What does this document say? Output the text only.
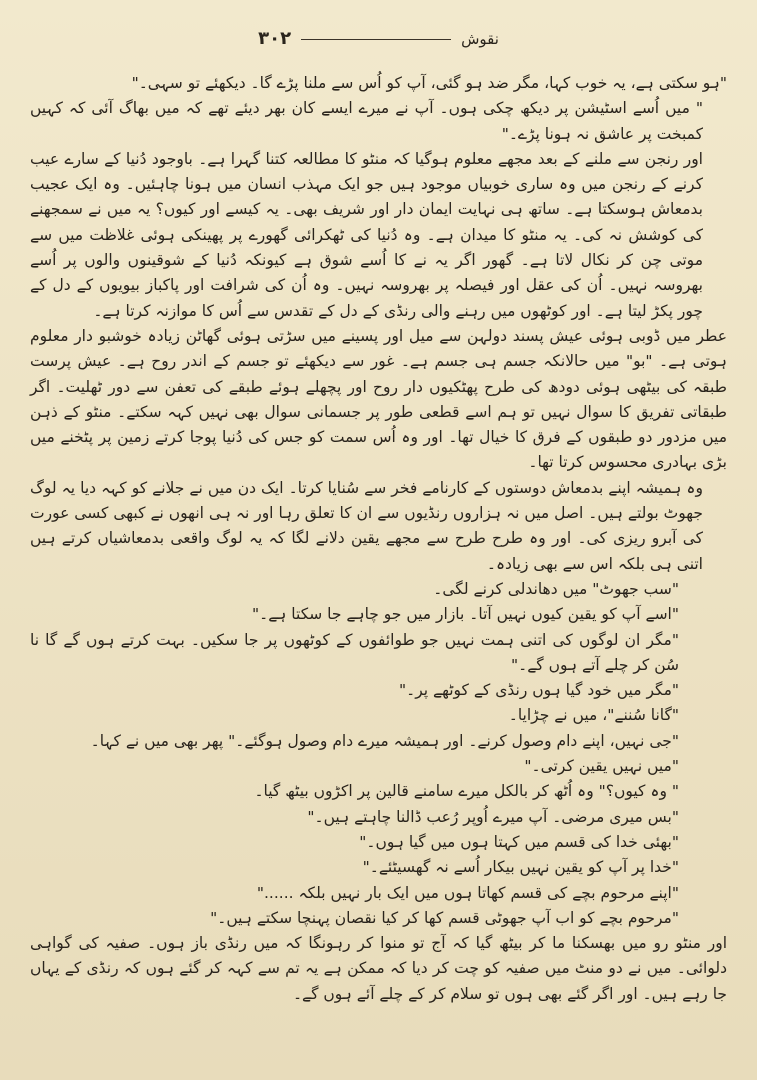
نقوش
۳۰۲

"ہو سکتی ہے، یہ خوب کہا، مگر ضد ہو گئی، آپ کو اُس سے ملنا پڑے گا۔ دیکھئے تو سہی۔"

" میں اُسے اسٹیشن پر دیکھ چکی ہوں۔ آپ نے میرے ایسے کان بھر دیئے تھے کہ میں بھاگ آئی کہ کہیں کمبخت پر عاشق نہ ہونا پڑے۔"

اور رنجن سے ملنے کے بعد مجھے معلوم ہوگیا کہ منٹو کا مطالعہ کتنا گہرا ہے۔ باوجود دُنیا کے سارے عیب کرنے کے رنجن میں وہ ساری خوبیاں موجود ہیں جو ایک مہذب انسان میں ہونا چاہئیں۔ وہ ایک عجیب بدمعاش ہوسکتا ہے۔ ساتھ ہی نہایت ایمان دار اور شریف بھی۔ یہ کیسے اور کیوں؟ یہ میں نے سمجھنے کی کوشش نہ کی۔ یہ منٹو کا میدان ہے۔ وہ دُنیا کی ٹھکرائی گھورے پر پھینکی ہوئی غلاظت میں سے موتی چن کر نکال لاتا ہے۔ گھور اگر یہ نے کا اُسے شوق ہے کیونکہ دُنیا کے شوقینوں والوں پر اُسے بھروسہ نہیں۔ اُن کی عقل اور فیصلہ پر بھروسہ نہیں۔ وہ اُن کی شرافت اور پاکباز بیویوں کے دل کے چور پکڑ لیتا ہے۔ اور کوٹھوں میں رہنے والی رنڈی کے دل کے تقدس سے اُس کا موازنہ کرتا ہے۔

عطر میں ڈوبی ہوئی عیش پسند دولہن سے میل اور پسینے میں سڑتی ہوئی گھاٹن زیادہ خوشبو دار معلوم ہوتی ہے۔ "بو" میں حالانکہ جسم ہی جسم ہے۔ غور سے دیکھئے تو جسم کے اندر روح ہے۔ عیش پرست طبقہ کی بیٹھی ہوئی دودھ کی طرح پھٹکیوں دار روح اور پچھلے ہوئے طبقے کی تعفن سے دور ٹھلیت۔ اگر طبقاتی تفریق کا سوال نہیں تو ہم اسے قطعی طور پر جسمانی سوال بھی نہیں کہہ سکتے۔ منٹو کے ذہن میں مزدور دو طبقوں کے فرق کا خیال تھا۔ اور وہ اُس سمت کو جس کی دُنیا پوجا کرتے زمین پر پٹخنے میں بڑی بہادری محسوس کرتا تھا۔

وہ ہمیشہ اپنے بدمعاش دوستوں کے کارنامے فخر سے سُنایا کرتا۔ ایک دن میں نے جلانے کو کہہ دیا یہ لوگ جھوٹ بولتے ہیں۔ اصل میں نہ ہزاروں رنڈیوں سے ان کا تعلق رہا اور نہ ہی انھوں نے کبھی کسی عورت کی آبرو ریزی کی۔ اور وہ طرح طرح سے مجھے یقین دلانے لگا کہ یہ لوگ واقعی بدمعاشیاں کرتے ہیں اتنی ہی بلکہ اس سے بھی زیادہ۔

"سب جھوٹ" میں دھاندلی کرنے لگی۔

"اسے آپ کو یقین کیوں نہیں آتا۔ بازار میں جو چاہے جا سکتا ہے۔"

"مگر ان لوگوں کی اتنی ہمت نہیں جو طوائفوں کے کوٹھوں پر جا سکیں۔ بہت کرتے ہوں گے گا نا سُن کر چلے آتے ہوں گے۔"

"مگر میں خود گیا ہوں رنڈی کے کوٹھے پر۔"

"گانا سُننے"، میں نے چڑایا۔

"جی نہیں، اپنے دام وصول کرنے۔ اور ہمیشہ میرے دام وصول ہوگئے۔" پھر بھی میں نے کہا۔

"میں نہیں یقین کرتی۔"

" وہ کیوں؟" وہ اُٹھ کر بالکل میرے سامنے قالین پر اکڑوں بیٹھ گیا۔

"بس میری مرضی۔ آپ میرے اُوپر رُعب ڈالنا چاہتے ہیں۔"

"بھئی خدا کی قسم میں کہتا ہوں میں گیا ہوں۔"

"خدا پر آپ کو یقین نہیں بیکار اُسے نہ گھسیٹئے۔"

"اپنے مرحوم بچے کی قسم کھاتا ہوں میں ایک بار نہیں بلکہ ......"

"مرحوم بچے کو اب آپ جھوٹی قسم کھا کر کیا نقصان پہنچا سکتے ہیں۔"

اور منٹو رو میں بھسکنا ما کر بیٹھ گیا کہ آج تو منوا کر رہونگا کہ میں رنڈی باز ہوں۔ صفیہ کی گواہی دلوائی۔ میں نے دو منٹ میں صفیہ کو چت کر دیا کہ ممکن ہے یہ تم سے کہہ کر گئے ہوں کہ رنڈی کے یہاں جا رہے ہیں۔ اور اگر گئے بھی ہوں تو سلام کر کے چلے آئے ہوں گے۔
